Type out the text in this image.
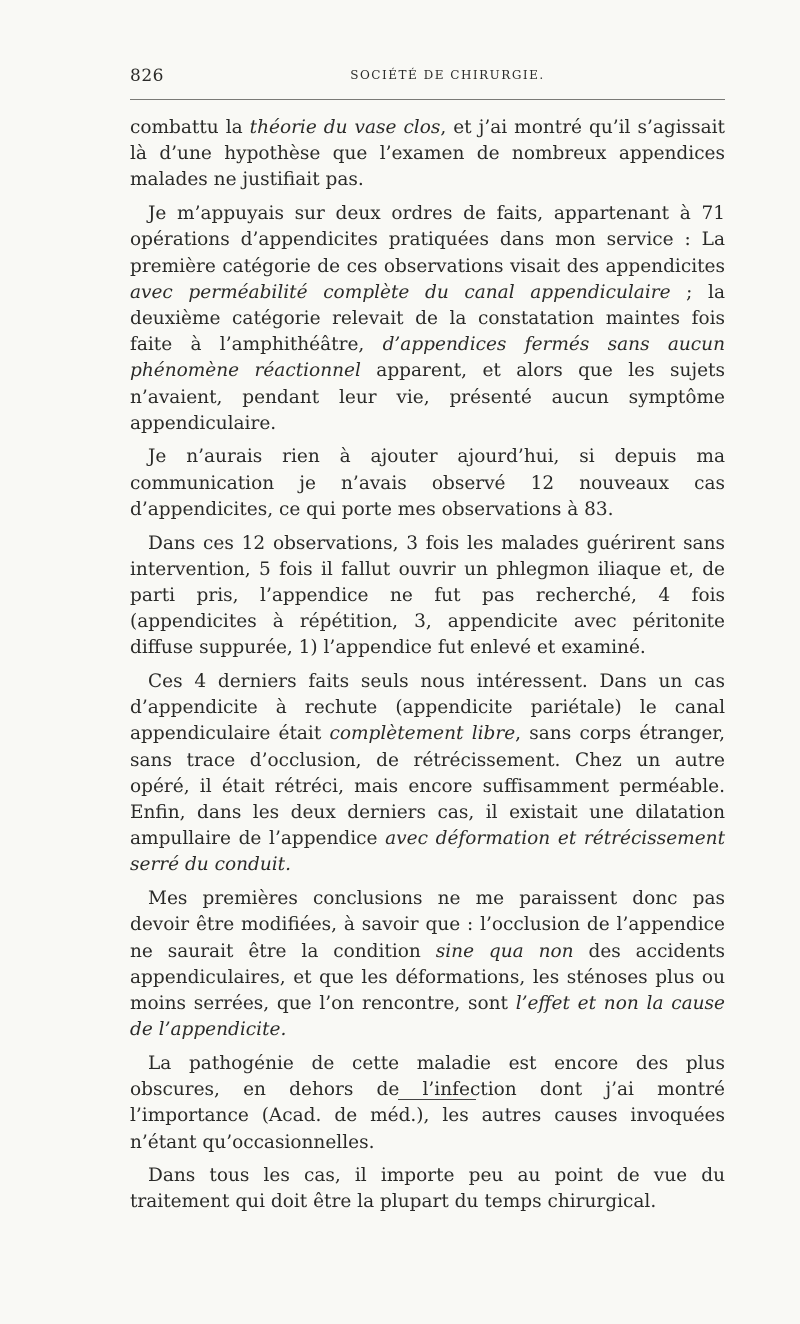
826	SOCIÉTÉ DE CHIRURGIE.

combattu la théorie du vase clos, et j’ai montré qu’il s’agissait là d’une hypothèse que l’examen de nombreux appendices malades ne justifiait pas.

Je m’appuyais sur deux ordres de faits, appartenant à 71 opérations d’appendicites pratiquées dans mon service : La première catégorie de ces observations visait des appendicites avec perméabilité complète du canal appendiculaire ; la deuxième catégorie relevait de la constatation maintes fois faite à l’amphithéâtre, d’appendices fermés sans aucun phénomène réactionnel apparent, et alors que les sujets n’avaient, pendant leur vie, présenté aucun symptôme appendiculaire.

Je n’aurais rien à ajouter ajourd’hui, si depuis ma communication je n’avais observé 12 nouveaux cas d’appendicites, ce qui porte mes observations à 83.

Dans ces 12 observations, 3 fois les malades guérirent sans intervention, 5 fois il fallut ouvrir un phlegmon iliaque et, de parti pris, l’appendice ne fut pas recherché, 4 fois (appendicites à répétition, 3, appendicite avec péritonite diffuse suppurée, 1) l’appendice fut enlevé et examiné.

Ces 4 derniers faits seuls nous intéressent. Dans un cas d’appendicite à rechute (appendicite pariétale) le canal appendiculaire était complètement libre, sans corps étranger, sans trace d’occlusion, de rétrécissement. Chez un autre opéré, il était rétréci, mais encore suffisamment perméable. Enfin, dans les deux derniers cas, il existait une dilatation ampullaire de l’appendice avec déformation et rétrécissement serré du conduit.

Mes premières conclusions ne me paraissent donc pas devoir être modifiées, à savoir que : l’occlusion de l’appendice ne saurait être la condition sine qua non des accidents appendiculaires, et que les déformations, les sténoses plus ou moins serrées, que l’on rencontre, sont l’effet et non la cause de l’appendicite.

La pathogénie de cette maladie est encore des plus obscures, en dehors de l’infection dont j’ai montré l’importance (Acad. de méd.), les autres causes invoquées n’étant qu’occasionnelles.

Dans tous les cas, il importe peu au point de vue du traitement qui doit être la plupart du temps chirurgical.
